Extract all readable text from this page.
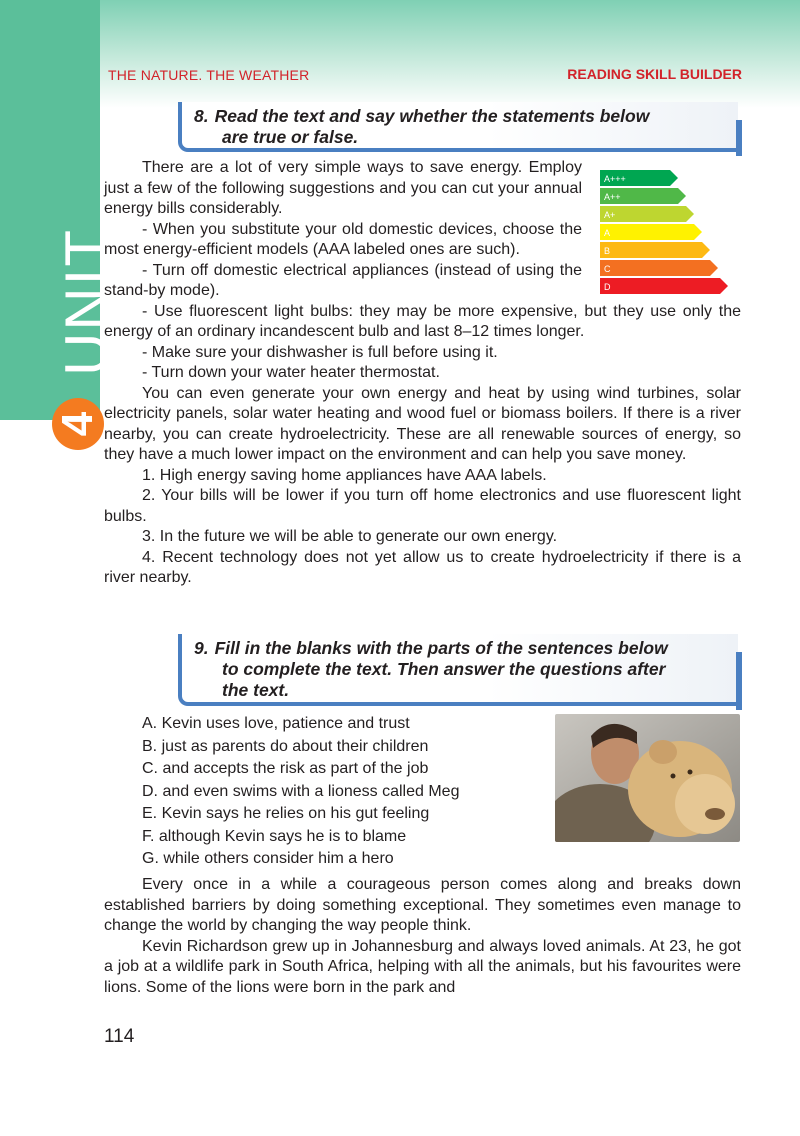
UNIT
4
THE NATURE. THE WEATHER	READING SKILL BUILDER
8. Read the text and say whether the statements below
are true or false.
A+++
A++
A+
A
B
C
D

There are a lot of very simple ways to save energy. Employ just a few of the following suggestions and you can cut your annual energy bills considerably.

- When you substitute your old domestic devices, choose the most energy-efficient models (AAA labeled ones are such).

- Turn off domestic electrical appliances (instead of using the stand-by mode).

- Use fluorescent light bulbs: they may be more expensive, but they use only the energy of an ordinary incandescent bulb and last 8–12 times longer.

- Make sure your dishwasher is full before using it.

- Turn down your water heater thermostat.

You can even generate your own energy and heat by using wind turbines, solar electricity panels, solar water heating and wood fuel or biomass boilers. If there is a river nearby, you can create hydroelectricity. These are all renewable sources of energy, so they have a much lower impact on the environment and can help you save money.

1. High energy saving home appliances have AAA labels.

2. Your bills will be lower if you turn off home electronics and use fluorescent light bulbs.

3. In the future we will be able to generate our own energy.

4. Recent technology does not yet allow us to create hydroelectricity if there is a river nearby.

9. Fill in the blanks with the parts of the sentences below
to complete the text. Then answer the questions after
the text.
A. Kevin uses love, patience and trust
B. just as parents do about their children
C. and accepts the risk as part of the job
D. and even swims with a lioness called Meg
E. Kevin says he relies on his gut feeling
F. although Kevin says he is to blame
G. while others consider him a hero

Every once in a while a courageous person comes along and breaks down established barriers by doing something exceptional. They sometimes even manage to change the world by changing the way people think.

Kevin Richardson grew up in Johannesburg and always loved animals. At 23, he got a job at a wildlife park in South Africa, helping with all the animals, but his favourites were lions. Some of the lions were born in the park and

114
